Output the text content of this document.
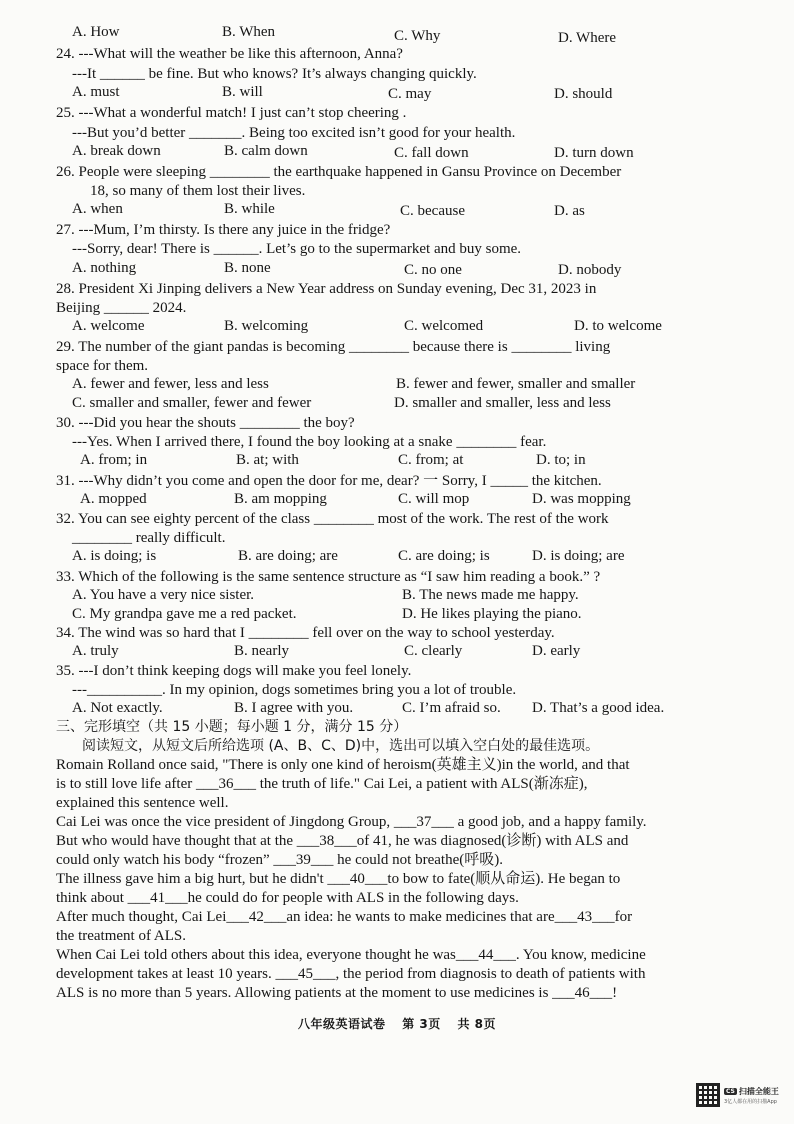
A. How	B. When	C. Why	D. Where
24. ---What will the weather be like this afternoon, Anna?
---It ______ be fine. But who knows? It’s always changing quickly.
A. must	B. will	C. may	D. should
25. ---What a wonderful match! I just can’t stop cheering .
---But you’d better _______. Being too excited isn’t good for your health.
A. break down	B. calm down	C. fall down	D. turn down
26. People were sleeping ________ the earthquake happened in Gansu Province on December
18, so many of them lost their lives.
A. when	B. while	C. because	D. as
27. ---Mum, I’m thirsty. Is there any juice in the fridge?
---Sorry, dear! There is ______. Let’s go to the supermarket and buy some.
A. nothing	B. none	C. no one	D. nobody
28. President Xi Jinping delivers a New Year address on Sunday evening, Dec 31, 2023 in
Beijing ______ 2024.
A. welcome	B. welcoming	C. welcomed	D. to welcome
29. The number of the giant pandas is becoming ________ because there is ________ living
space for them.
A. fewer and fewer, less and less	B. fewer and fewer, smaller and smaller
C. smaller and smaller, fewer and fewer	D. smaller and smaller, less and less
30. ---Did you hear the shouts ________ the boy?
---Yes. When I arrived there, I found the boy looking at a snake ________ fear.
A. from; in	B. at; with	C. from; at	D. to; in
31. ---Why didn’t you come and open the door for me, dear? 一 Sorry, I _____ the kitchen.
A. mopped	B. am mopping	C. will mop	D. was mopping
32. You can see eighty percent of the class ________ most of the work. The rest of the work
________ really difficult.
A. is doing; is	B. are doing; are	C. are doing; is	D. is doing; are
33. Which of the following is the same sentence structure as “I saw him reading a book.” ?
A. You have a very nice sister.	B. The news made me happy.
C. My grandpa gave me a red packet.	D. He likes playing the piano.
34. The wind was so hard that I ________ fell over on the way to school yesterday.
A. truly	B. nearly	C. clearly	D. early
35. ---I don’t think keeping dogs will make you feel lonely.
---__________. In my opinion, dogs sometimes bring you a lot of trouble.
A. Not exactly.	B. I agree with you.	C. I’m afraid so. D. That’s a good idea.
三、完形填空（共 15 小题；每小题 1 分，满分 15 分）
阅读短文，从短文后所给选项 (A、B、C、D)中，选出可以填入空白处的最佳选项。
Romain Rolland once said, "There is only one kind of heroism(英雄主义)in the world, and that
is to still love life after ___36___ the truth of life." Cai Lei, a patient with ALS(渐冻症),
explained this sentence well.
Cai Lei was once the vice president of Jingdong Group, ___37___ a good job, and a happy family.
But who would have thought that at the ___38___of 41, he was diagnosed(诊断) with ALS and
could only watch his body “frozen” ___39___ he could not breathe(呼吸).
The illness gave him a big hurt, but he didn't ___40___to bow to fate(顺从命运). He began to
think about ___41___he could do for people with ALS in the following days.
After much thought, Cai Lei___42___an idea: he wants to make medicines that are___43___for
the treatment of ALS.
When Cai Lei told others about this idea, everyone thought he was___44___. You know, medicine
development takes at least 10 years. ___45___, the period from diagnosis to death of patients with
ALS is no more than 5 years. Allowing patients at the moment to use medicines is ___46___!
八年级英语试卷 第 3页 共 8页
CS 扫描全能王
3亿人都在用的扫描App
